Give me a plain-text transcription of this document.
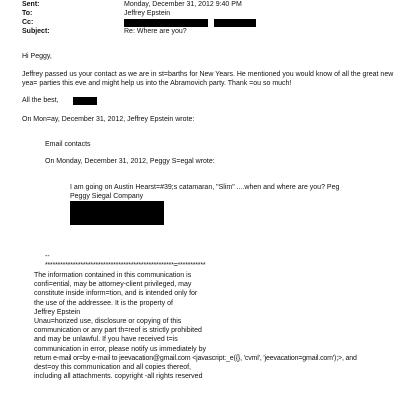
Sent:	Monday, December 31, 2012 9:40 PM
To:	Jeffrey Epstein
Cc:
Subject:	Re: Where are you?
Hi Peggy,
Jeffrey passed us your contact as we are in st=barths for New Years. He mentioned you would know of all the great new
yea= parties this eve and might help us into the Abramovich party. Thank =ou so much!
All the best,
On Mon=ay, December 31, 2012, Jeffrey Epstein wrote:
Email contacts
On Monday, December 31, 2012, Peggy S=egal wrote:
I am going on Austin Hearst=#39;s catamaran, "Slim" ....when and where are you? Peg
Peggy Siegal Company
--
***************************************************=***********
The information contained in this communication is
confi=ential, may be attorney-client privileged, may
constitute inside inform=tion, and is intended only for
the use of the addressee. It is the property of
Jeffrey Epstein
Unau=horized use, disclosure or copying of this
communication or any part th=reof is strictly prohibited
and may be unlawful. If you have received t=is
communication in error, please notify us immediately by
return e-mail or=by e-mail to jeevacation@gmail.com <javascript:_e({}, 'cvml', 'jeevacation=gmail.com');>, and
dest=oy this communication and all copies thereof,
including all attachments. copyright -all rights reserved
